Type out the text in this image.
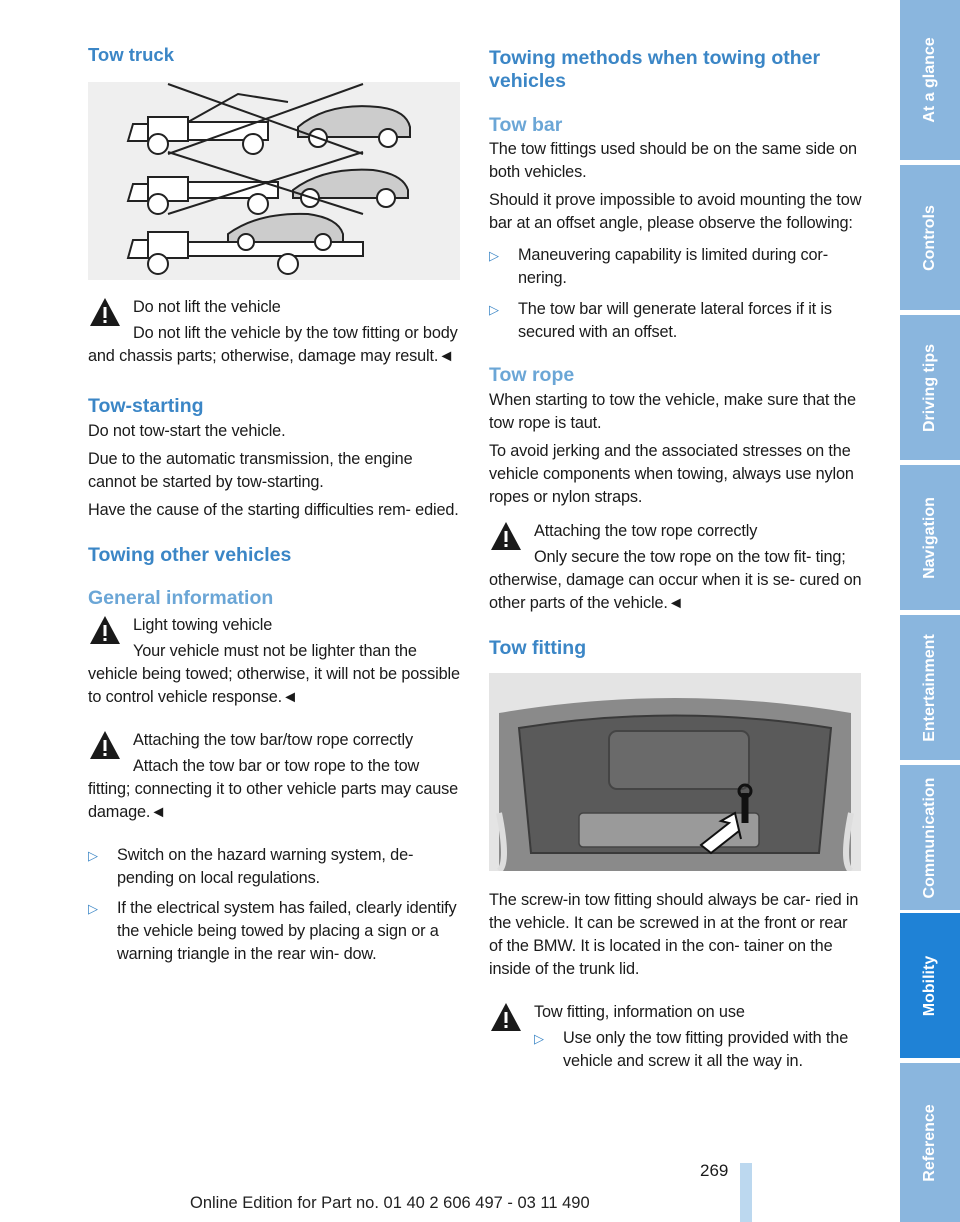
Tow truck

Do not lift the vehicle

Do not lift the vehicle by the tow fitting or body and chassis parts; otherwise, damage may result.◄

Tow-starting

Do not tow-start the vehicle.

Due to the automatic transmission, the engine cannot be started by tow-starting.

Have the cause of the starting difficulties rem- edied.

Towing other vehicles
General information

Light towing vehicle

Your vehicle must not be lighter than the vehicle being towed; otherwise, it will not be possible to control vehicle response.◄

Attaching the tow bar/tow rope correctly

Attach the tow bar or tow rope to the tow fitting; connecting it to other vehicle parts may cause damage.◄

▷ Switch on the hazard warning system, de- pending on local regulations.
▷ If the electrical system has failed, clearly identify the vehicle being towed by placing a sign or a warning triangle in the rear win- dow.
Towing methods when towing other vehicles
Tow bar

The tow fittings used should be on the same side on both vehicles.

Should it prove impossible to avoid mounting the tow bar at an offset angle, please observe the following:

▷ Maneuvering capability is limited during cor- nering.
▷ The tow bar will generate lateral forces if it is secured with an offset.
Tow rope

When starting to tow the vehicle, make sure that the tow rope is taut.

To avoid jerking and the associated stresses on the vehicle components when towing, always use nylon ropes or nylon straps.

Attaching the tow rope correctly

Only secure the tow rope on the tow fit- ting; otherwise, damage can occur when it is se- cured on other parts of the vehicle.◄

Tow fitting

The screw-in tow fitting should always be car- ried in the vehicle. It can be screwed in at the front or rear of the BMW. It is located in the con- tainer on the inside of the trunk lid.

Tow fitting, information on use

▷ Use only the tow fitting provided with the vehicle and screw it all the way in.
At a glance
Controls
Driving tips
Navigation
Entertainment
Communication
Mobility
Reference
269
Online Edition for Part no. 01 40 2 606 497 - 03 11 490
